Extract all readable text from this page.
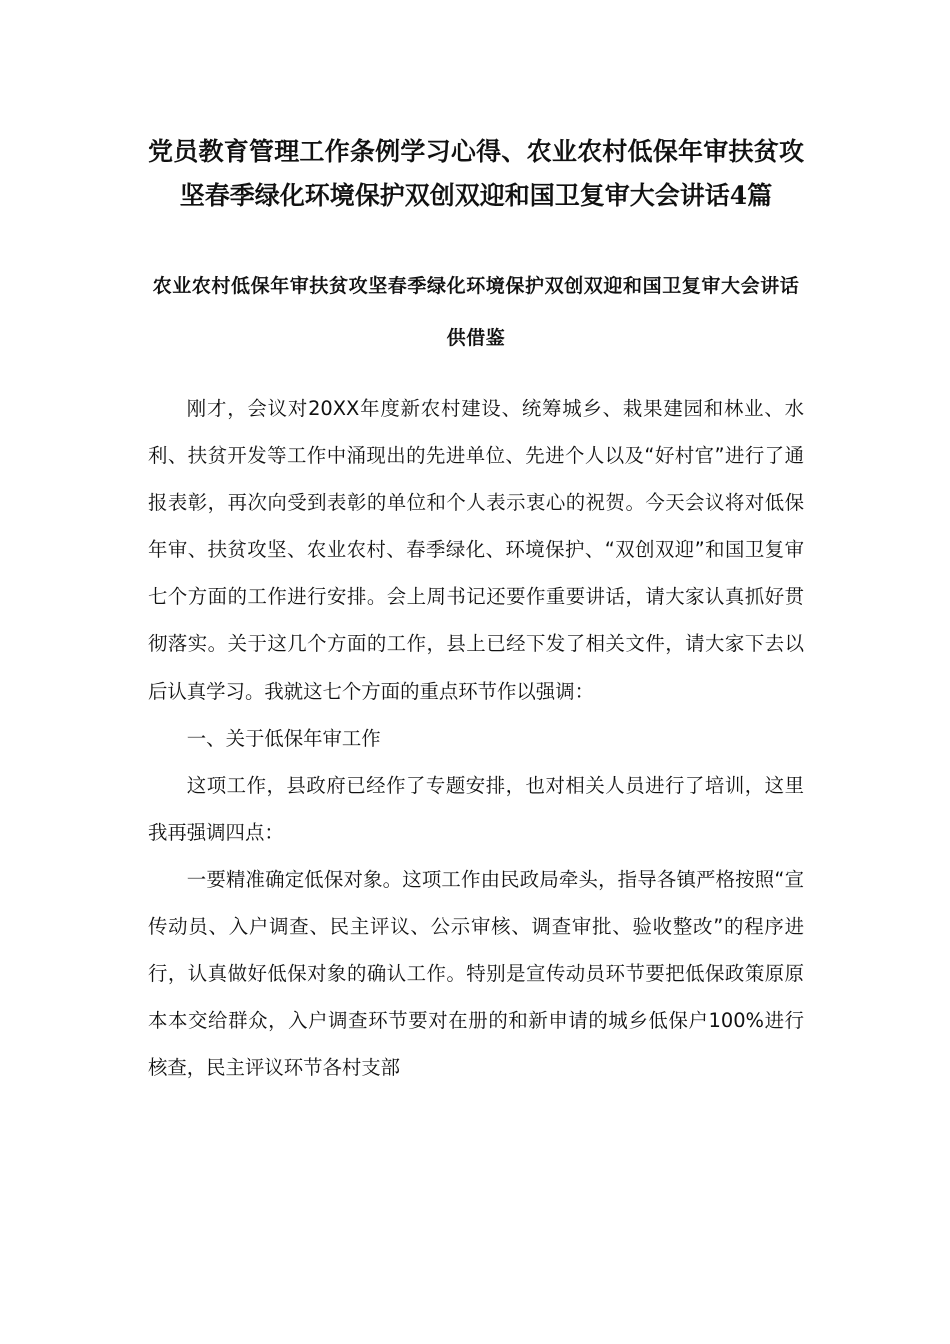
党员教育管理工作条例学习心得、农业农村低保年审扶贫攻坚春季绿化环境保护双创双迎和国卫复审大会讲话4篇
农业农村低保年审扶贫攻坚春季绿化环境保护双创双迎和国卫复审大会讲话供借鉴

刚才，会议对20XX年度新农村建设、统筹城乡、栽果建园和林业、水利、扶贫开发等工作中涌现出的先进单位、先进个人以及“好村官”进行了通报表彰，再次向受到表彰的单位和个人表示衷心的祝贺。今天会议将对低保年审、扶贫攻坚、农业农村、春季绿化、环境保护、“双创双迎”和国卫复审七个方面的工作进行安排。会上周书记还要作重要讲话，请大家认真抓好贯彻落实。关于这几个方面的工作，县上已经下发了相关文件，请大家下去以后认真学习。我就这七个方面的重点环节作以强调：

一、关于低保年审工作

这项工作，县政府已经作了专题安排，也对相关人员进行了培训，这里我再强调四点：

一要精准确定低保对象。这项工作由民政局牵头，指导各镇严格按照“宣传动员、入户调查、民主评议、公示审核、调查审批、验收整改”的程序进行，认真做好低保对象的确认工作。特别是宣传动员环节要把低保政策原原本本交给群众，入户调查环节要对在册的和新申请的城乡低保户100%进行核查，民主评议环节各村支部
